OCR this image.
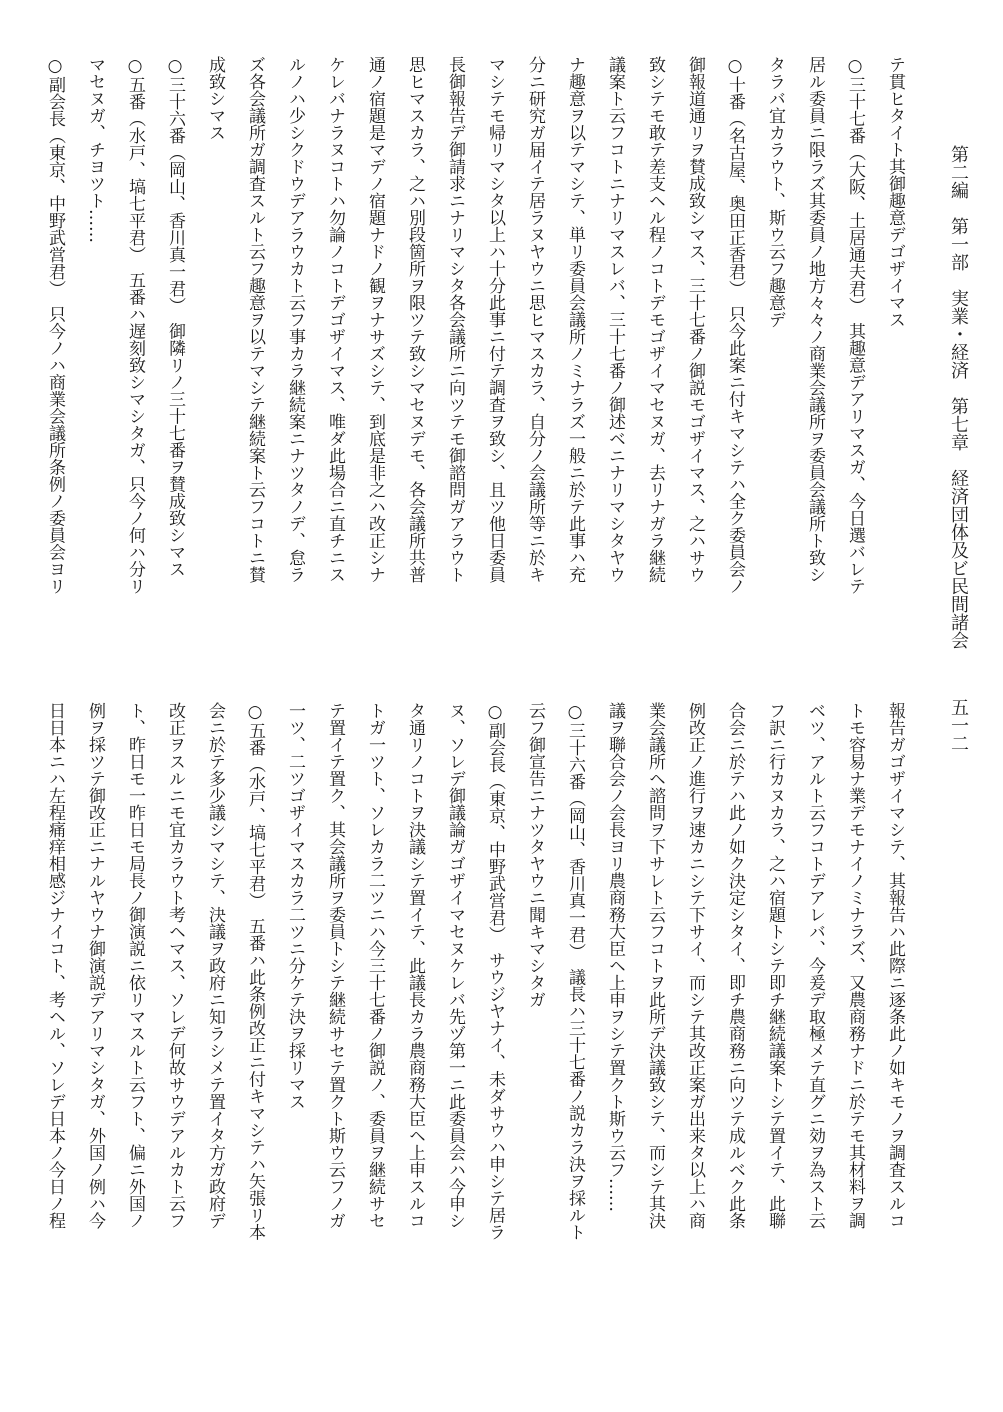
第二編　第一部　実業・経済　第七章　経済団体及ビ民間諸会
五一二

テ貫ヒタイト其御趣意デゴザイマス

○三十七番（大阪、土居通夫君）　其趣意デアリマスガ、今日選バレテ

居ル委員ニ限ラズ其委員ノ地方々々ノ商業会議所ヲ委員会議所ト致シ

タラバ宜カラウト、斯ウ云フ趣意デ

○十番（名古屋、奥田正香君）　只今此案ニ付キマシテハ全ク委員会ノ

御報道通リヲ賛成致シマス、三十七番ノ御説モゴザイマス、之ハサウ

致シテモ敢テ差支ヘル程ノコトデモゴザイマセヌガ、去リナガラ継続

議案ト云フコトニナリマスレバ、三十七番ノ御述ベニナリマシタヤウ

ナ趣意ヲ以テマシテ、単リ委員会議所ノミナラズ一般ニ於テ此事ハ充

分ニ研究ガ届イテ居ラヌヤウニ思ヒマスカラ、自分ノ会議所等ニ於キ

マシテモ帰リマシタ以上ハ十分此事ニ付テ調査ヲ致シ、且ツ他日委員

長御報告デ御請求ニナリマシタ各会議所ニ向ツテモ御諮問ガアラウト

思ヒマスカラ、之ハ別段箇所ヲ限ツテ致シマセヌデモ、各会議所共普

通ノ宿題是マデノ宿題ナドノ観ヲナサズシテ、到底是非之ハ改正シナ

ケレバナラヌコトハ勿論ノコトデゴザイマス、唯ダ此場合ニ直チニス

ルノハ少シクドウデアラウカト云フ事カラ継続案ニナツタノデ、怠ラ

ズ各会議所ガ調査スルト云フ趣意ヲ以テマシテ継続案ト云フコトニ賛

成致シマス

○三十六番（岡山、香川真一君）　御隣リノ三十七番ヲ賛成致シマス

○五番（水戸、塙七平君）　五番ハ遅刻致シマシタガ、只今ノ何ハ分リ

マセヌガ、チヨツト……

○副会長（東京、中野武営君）　只今ノハ商業会議所条例ノ委員会ヨリ

報告ガゴザイマシテ、其報告ハ此際ニ逐条此ノ如キモノヲ調査スルコ

トモ容易ナ業デモナイノミナラズ、又農商務ナドニ於テモ其材料ヲ調

ベツ、アルト云フコトデアレバ、今爰デ取極メテ直グニ効ヲ為スト云

フ訳ニ行カヌカラ、之ハ宿題トシテ即チ継続議案トシテ置イテ、此聯

合会ニ於テハ此ノ如ク決定シタイ、即チ農商務ニ向ツテ成ルベク此条

例改正ノ進行ヲ速カニシテ下サイ、而シテ其改正案ガ出来タ以上ハ商

業会議所ヘ諮問ヲ下サレト云フコトヲ此所デ決議致シテ、而シテ其決

議ヲ聯合会ノ会長ヨリ農商務大臣ヘ上申ヲシテ置クト斯ウ云フ……

○三十六番（岡山、香川真一君）　議長ハ三十七番ノ説カラ決ヲ採ルト

云フ御宣告ニナツタヤウニ聞キマシタガ

○副会長（東京、中野武営君）　サウジヤナイ、未ダサウハ申シテ居ラ

ヌ、ソレデ御議論ガゴザイマセヌケレバ先ヅ第一ニ此委員会ハ今申シ

タ通リノコトヲ決議シテ置イテ、此議長カラ農商務大臣ヘ上申スルコ

トガ一ツト、ソレカラ二ツニハ今三十七番ノ御説ノ、委員ヲ継続サセ

テ置イテ置ク、其会議所ヲ委員トシテ継続サセテ置クト斯ウ云フノガ

一ツ、二ツゴザイマスカラ二ツニ分ケテ決ヲ採リマス

○五番（水戸、塙七平君）　五番ハ此条例改正ニ付キマシテハ矢張リ本

会ニ於テ多少議シマシテ、決議ヲ政府ニ知ラシメテ置イタ方ガ政府デ

改正ヲスルニモ宜カラウト考ヘマス、ソレデ何故サウデアルカト云フ

ト、昨日モ一昨日モ局長ノ御演説ニ依リマスルト云フト、偏ニ外国ノ

例ヲ採ツテ御改正ニナルヤウナ御演説デアリマシタガ、外国ノ例ハ今

日日本ニハ左程痛痒相感ジナイコト、考ヘル、ソレデ日本ノ今日ノ程
